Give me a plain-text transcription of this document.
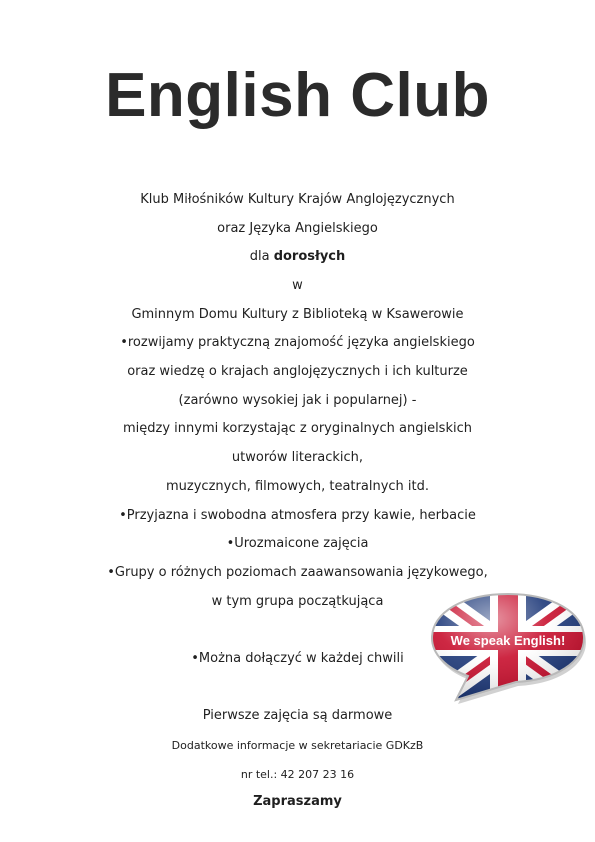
English Club
Klub Miłośników Kultury Krajów Anglojęzycznych
oraz Języka Angielskiego
dla dorosłych
w
Gminnym Domu Kultury z Biblioteką w Ksawerowie
•rozwijamy praktyczną znajomość języka angielskiego
oraz wiedzę o krajach anglojęzycznych i ich kulturze
(zarówno wysokiej jak i popularnej) -
między innymi korzystając z oryginalnych angielskich
utworów literackich,
muzycznych, filmowych, teatralnych itd.
•Przyjazna i swobodna atmosfera przy kawie, herbacie
•Urozmaicone zajęcia
•Grupy o różnych poziomach zaawansowania językowego,
w tym grupa początkująca
•Można dołączyć w każdej chwili
Pierwsze zajęcia są darmowe
Dodatkowe informacje w sekretariacie GDKzB
nr tel.: 42 207 23 16
Zapraszamy
We speak English!
